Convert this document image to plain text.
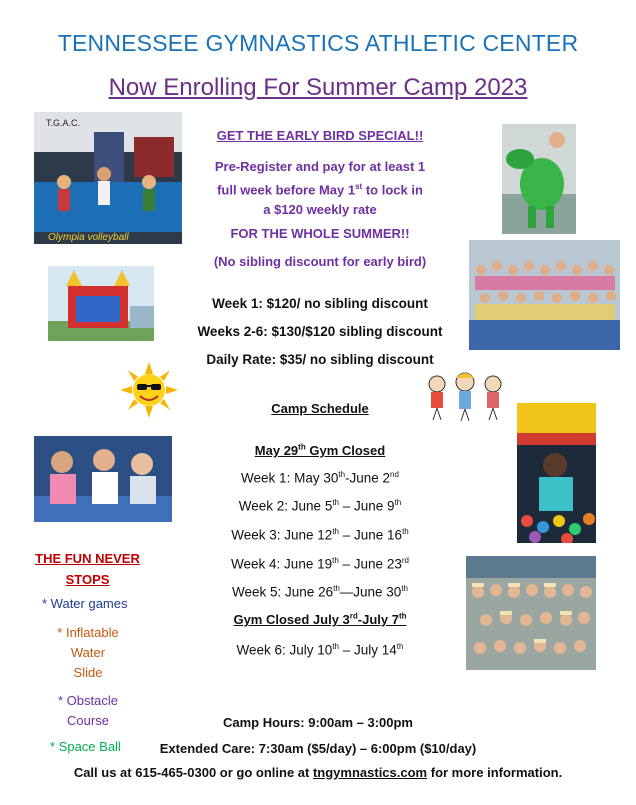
TENNESSEE GYMNASTICS ATHLETIC CENTER
Now Enrolling For Summer Camp 2023
GET THE EARLY BIRD SPECIAL!!
Pre-Register and pay for at least 1
full week before May 1st to lock in
a $120 weekly rate
FOR THE WHOLE SUMMER!!
(No sibling discount for early bird)
Week 1: $120/ no sibling discount
Weeks 2-6: $130/$120 sibling discount
Daily Rate: $35/ no sibling discount
Camp Schedule
May 29th Gym Closed
Week 1: May 30th-June 2nd
Week 2: June 5th – June 9th
Week 3: June 12th – June 16th
Week 4: June 19th – June 23rd
Week 5: June 26th—June 30th
Gym Closed July 3rd-July 7th
Week 6: July 10th – July 14th
THE FUN NEVER
STOPS
* Water games
* Inflatable
Water
Slide
* Obstacle
Course
* Space Ball
Camp Hours: 9:00am – 3:00pm
Extended Care: 7:30am ($5/day) – 6:00pm ($10/day)
Call us at 615-465-0300 or go online at tngymnastics.com for more information.
T.G.A.C.
Olympia volleyball
